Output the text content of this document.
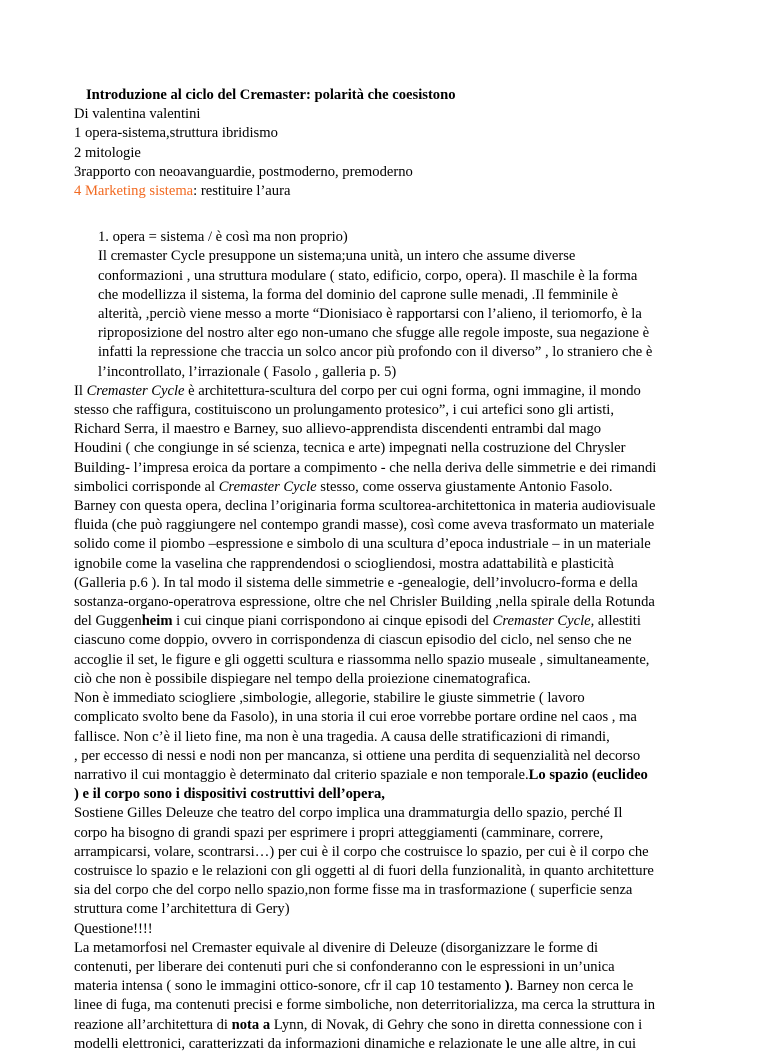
Introduzione al ciclo del Cremaster: polarità che coesistono
Di valentina valentini
1 opera-sistema,struttura ibridismo
2 mitologie
3rapporto con neoavanguardie, postmoderno, premoderno
4 Marketing sistema: restituire l’aura
1. opera = sistema / è così ma non proprio)
Il cremaster Cycle presuppone un sistema;una unità, un intero che assume diverse
conformazioni , una struttura modulare ( stato, edificio, corpo, opera). Il maschile è la forma
che modellizza il sistema, la forma del dominio del caprone sulle menadi, .Il femminile è
alterità, ,perciò viene messo a morte “Dionisiaco è rapportarsi con l’alieno, il teriomorfo, è la
riproposizione del nostro alter ego non-umano che sfugge alle regole imposte, sua negazione è
infatti la repressione che traccia un solco ancor più profondo con il diverso” , lo straniero che è
l’incontrollato, l’irrazionale ( Fasolo , galleria p. 5)
Il Cremaster Cycle è architettura-scultura del corpo per cui ogni forma, ogni immagine, il mondo
stesso che raffigura, costituiscono un prolungamento protesico”, i cui artefici sono gli artisti,
Richard Serra, il maestro e Barney, suo allievo-apprendista discendenti entrambi dal mago
Houdini ( che congiunge in sé scienza, tecnica e arte) impegnati nella costruzione del Chrysler
Building- l’impresa eroica da portare a compimento - che nella deriva delle simmetrie e dei rimandi
simbolici corrisponde al Cremaster Cycle stesso, come osserva giustamente Antonio Fasolo.
Barney con questa opera, declina l’originaria forma scultorea-architettonica in materia audiovisuale
fluida (che può raggiungere nel contempo grandi masse), così come aveva trasformato un materiale
solido come il piombo –espressione e simbolo di una scultura d’epoca industriale – in un materiale
ignobile come la vaselina che rapprendendosi o sciogliendosi, mostra adattabilità e plasticità
(Galleria p.6 ). In tal modo il sistema delle simmetrie e -genealogie, dell’involucro-forma e della
sostanza-organo-operatrova espressione, oltre che nel Chrisler Building ,nella spirale della Rotunda
del Guggenheim i cui cinque piani corrispondono ai cinque episodi del Cremaster Cycle, allestiti
ciascuno come doppio, ovvero in corrispondenza di ciascun episodio del ciclo, nel senso che ne
accoglie il set, le figure e gli oggetti scultura e riassomma nello spazio museale , simultaneamente,
ciò che non è possibile dispiegare nel tempo della proiezione cinematografica.
Non è immediato sciogliere ,simbologie, allegorie, stabilire le giuste simmetrie ( lavoro
complicato svolto bene da Fasolo), in una storia il cui eroe vorrebbe portare ordine nel caos , ma
fallisce. Non c’è il lieto fine, ma non è una tragedia. A causa delle stratificazioni di rimandi,
, per eccesso di nessi e nodi non per mancanza, si ottiene una perdita di sequenzialità nel decorso
narrativo il cui montaggio è determinato dal criterio spaziale e non temporale.Lo spazio (euclideo
) e il corpo sono i dispositivi costruttivi dell’opera,
Sostiene Gilles Deleuze che teatro del corpo implica una drammaturgia dello spazio, perché Il
corpo ha bisogno di grandi spazi per esprimere i propri atteggiamenti (camminare, correre,
arrampicarsi, volare, scontrarsi…) per cui è il corpo che costruisce lo spazio, per cui è il corpo che
costruisce lo spazio e le relazioni con gli oggetti al di fuori della funzionalità, in quanto architetture
sia del corpo che del corpo nello spazio,non forme fisse ma in trasformazione ( superficie senza
struttura come l’architettura di Gery)
Questione!!!!
La metamorfosi nel Cremaster equivale al divenire di Deleuze (disorganizzare le forme di
contenuti, per liberare dei contenuti puri che si confonderanno con le espressioni in un’unica
materia intensa ( sono le immagini ottico-sonore, cfr il cap 10 testamento ). Barney non cerca le
linee di fuga, ma contenuti precisi e forme simboliche, non deterritorializza, ma cerca la struttura in
reazione all’architettura di nota a Lynn, di Novak, di Gehry che sono in diretta connessione con i
modelli elettronici, caratterizzati da informazioni dinamiche e relazionate le une alle altre, in cui
